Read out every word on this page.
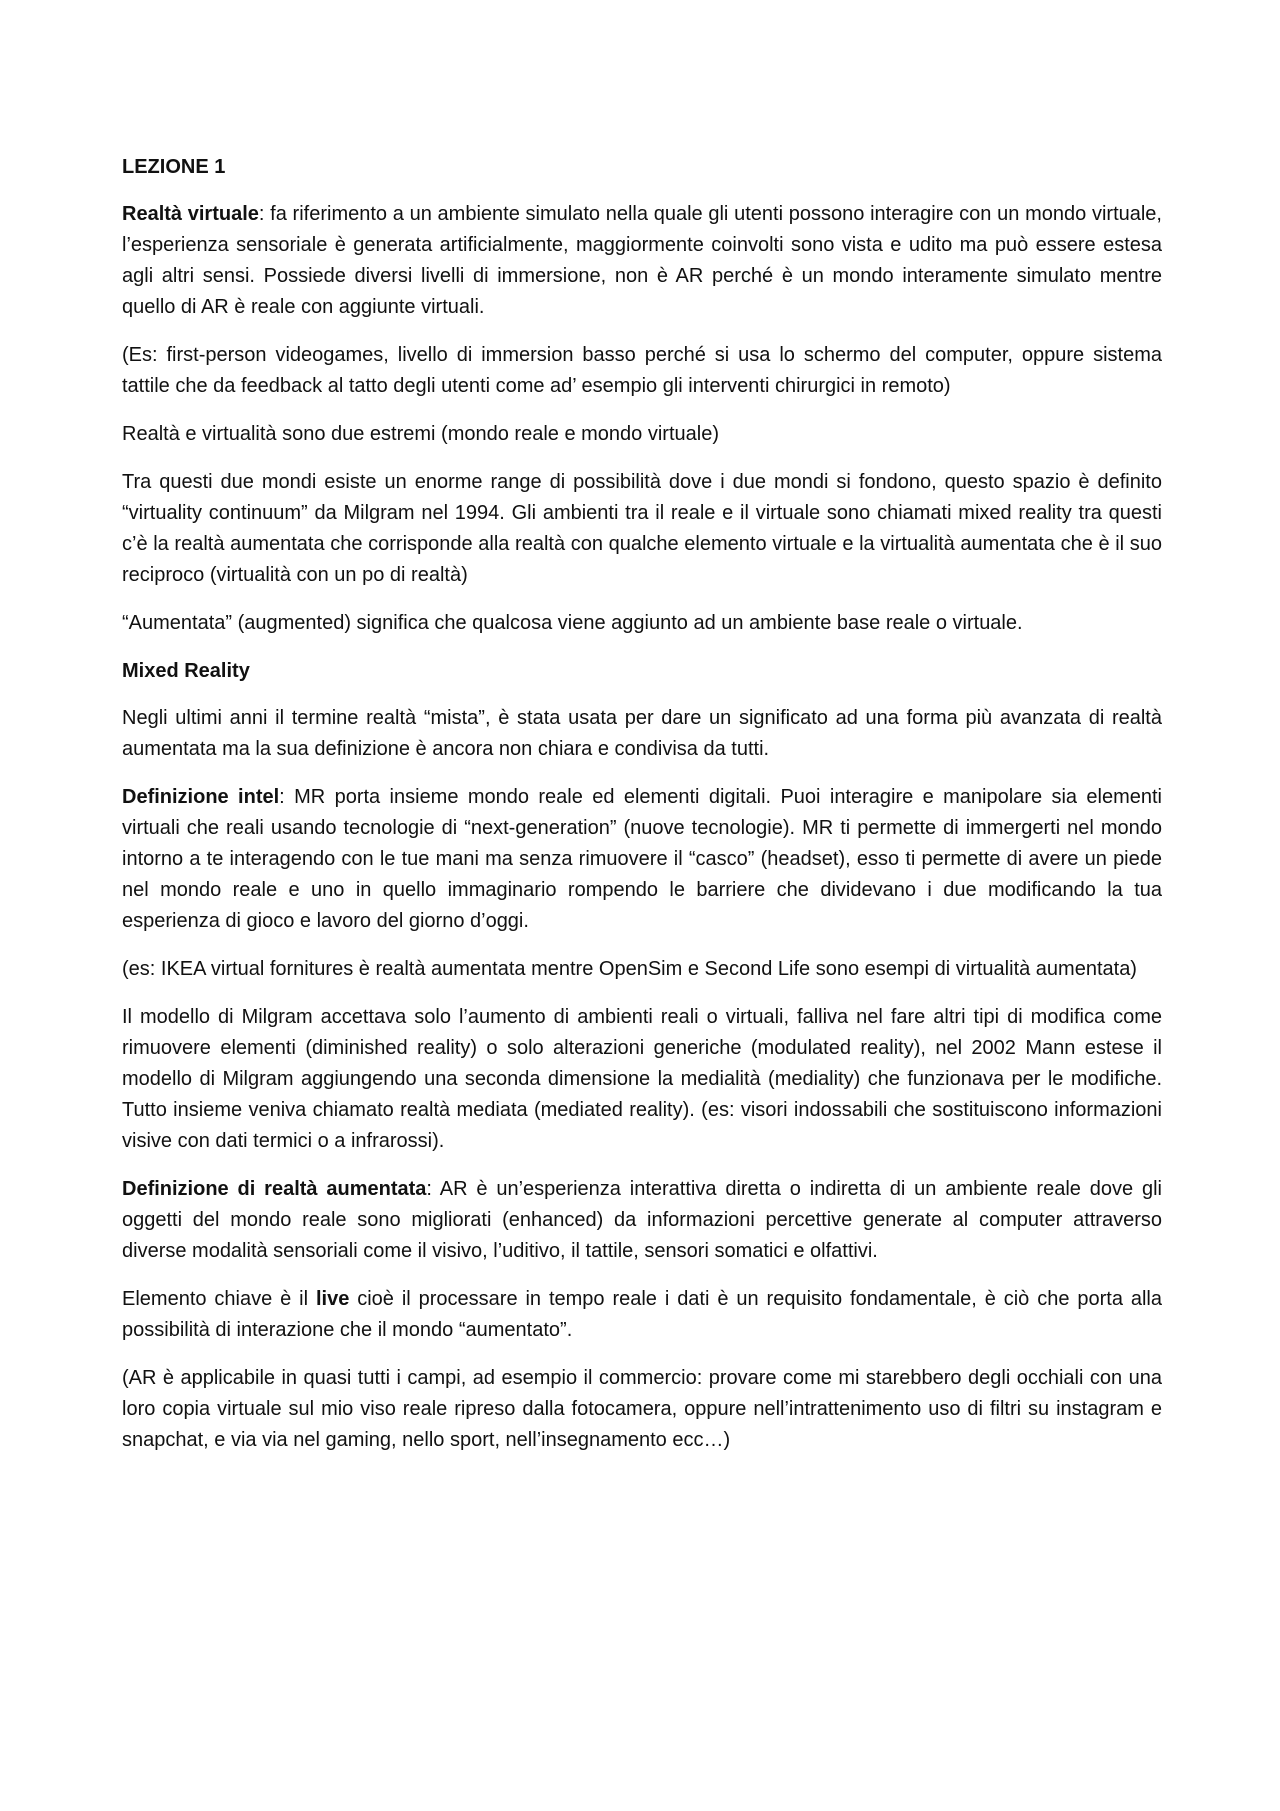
LEZIONE 1
Realtà virtuale: fa riferimento a un ambiente simulato nella quale gli utenti possono interagire con un mondo virtuale, l’esperienza sensoriale è generata artificialmente, maggiormente coinvolti sono vista e udito ma può essere estesa agli altri sensi. Possiede diversi livelli di immersione, non è AR perché è un mondo interamente simulato mentre quello di AR è reale con aggiunte virtuali.
(Es: first-person videogames, livello di immersion basso perché si usa lo schermo del computer, oppure sistema tattile che da feedback al tatto degli utenti come ad’ esempio gli interventi chirurgici in remoto)
Realtà e virtualità sono due estremi (mondo reale e mondo virtuale)
Tra questi due mondi esiste un enorme range di possibilità dove i due mondi si fondono, questo spazio è definito “virtuality continuum” da Milgram nel 1994. Gli ambienti tra il reale e il virtuale sono chiamati mixed reality tra questi c’è la realtà aumentata che corrisponde alla realtà con qualche elemento virtuale e la virtualità aumentata che è il suo reciproco (virtualità con un po di realtà)
“Aumentata” (augmented) significa che qualcosa viene aggiunto ad un ambiente base reale o virtuale.
Mixed Reality
Negli ultimi anni il termine realtà “mista”, è stata usata per dare un significato ad una forma più avanzata di realtà aumentata ma la sua definizione è ancora non chiara e condivisa da tutti.
Definizione intel: MR porta insieme mondo reale ed elementi digitali. Puoi interagire e manipolare sia elementi virtuali che reali usando tecnologie di “next-generation” (nuove tecnologie). MR ti permette di immergerti nel mondo intorno a te interagendo con le tue mani ma senza rimuovere il “casco” (headset), esso ti permette di avere un piede nel mondo reale e uno in quello immaginario rompendo le barriere che dividevano i due modificando la tua esperienza di gioco e lavoro del giorno d’oggi.
(es: IKEA virtual fornitures è realtà aumentata mentre OpenSim e Second Life sono esempi di virtualità aumentata)
Il modello di Milgram accettava solo l’aumento di ambienti reali o virtuali, falliva nel fare altri tipi di modifica come rimuovere elementi (diminished reality) o solo alterazioni generiche (modulated reality), nel 2002 Mann estese il modello di Milgram aggiungendo una seconda dimensione la medialità (mediality) che funzionava per le modifiche. Tutto insieme veniva chiamato realtà mediata (mediated reality). (es: visori indossabili che sostituiscono informazioni visive con dati termici o a infrarossi).
Definizione di realtà aumentata: AR è un’esperienza interattiva diretta o indiretta di un ambiente reale dove gli oggetti del mondo reale sono migliorati (enhanced) da informazioni percettive generate al computer attraverso diverse modalità sensoriali come il visivo, l’uditivo, il tattile, sensori somatici e olfattivi.
Elemento chiave è il live cioè il processare in tempo reale i dati è un requisito fondamentale, è ciò che porta alla possibilità di interazione che il mondo “aumentato”.
(AR è applicabile in quasi tutti i campi, ad esempio il commercio: provare come mi starebbero degli occhiali con una loro copia virtuale sul mio viso reale ripreso dalla fotocamera, oppure nell’intrattenimento uso di filtri su instagram e snapchat, e via via nel gaming, nello sport, nell’insegnamento ecc…)
